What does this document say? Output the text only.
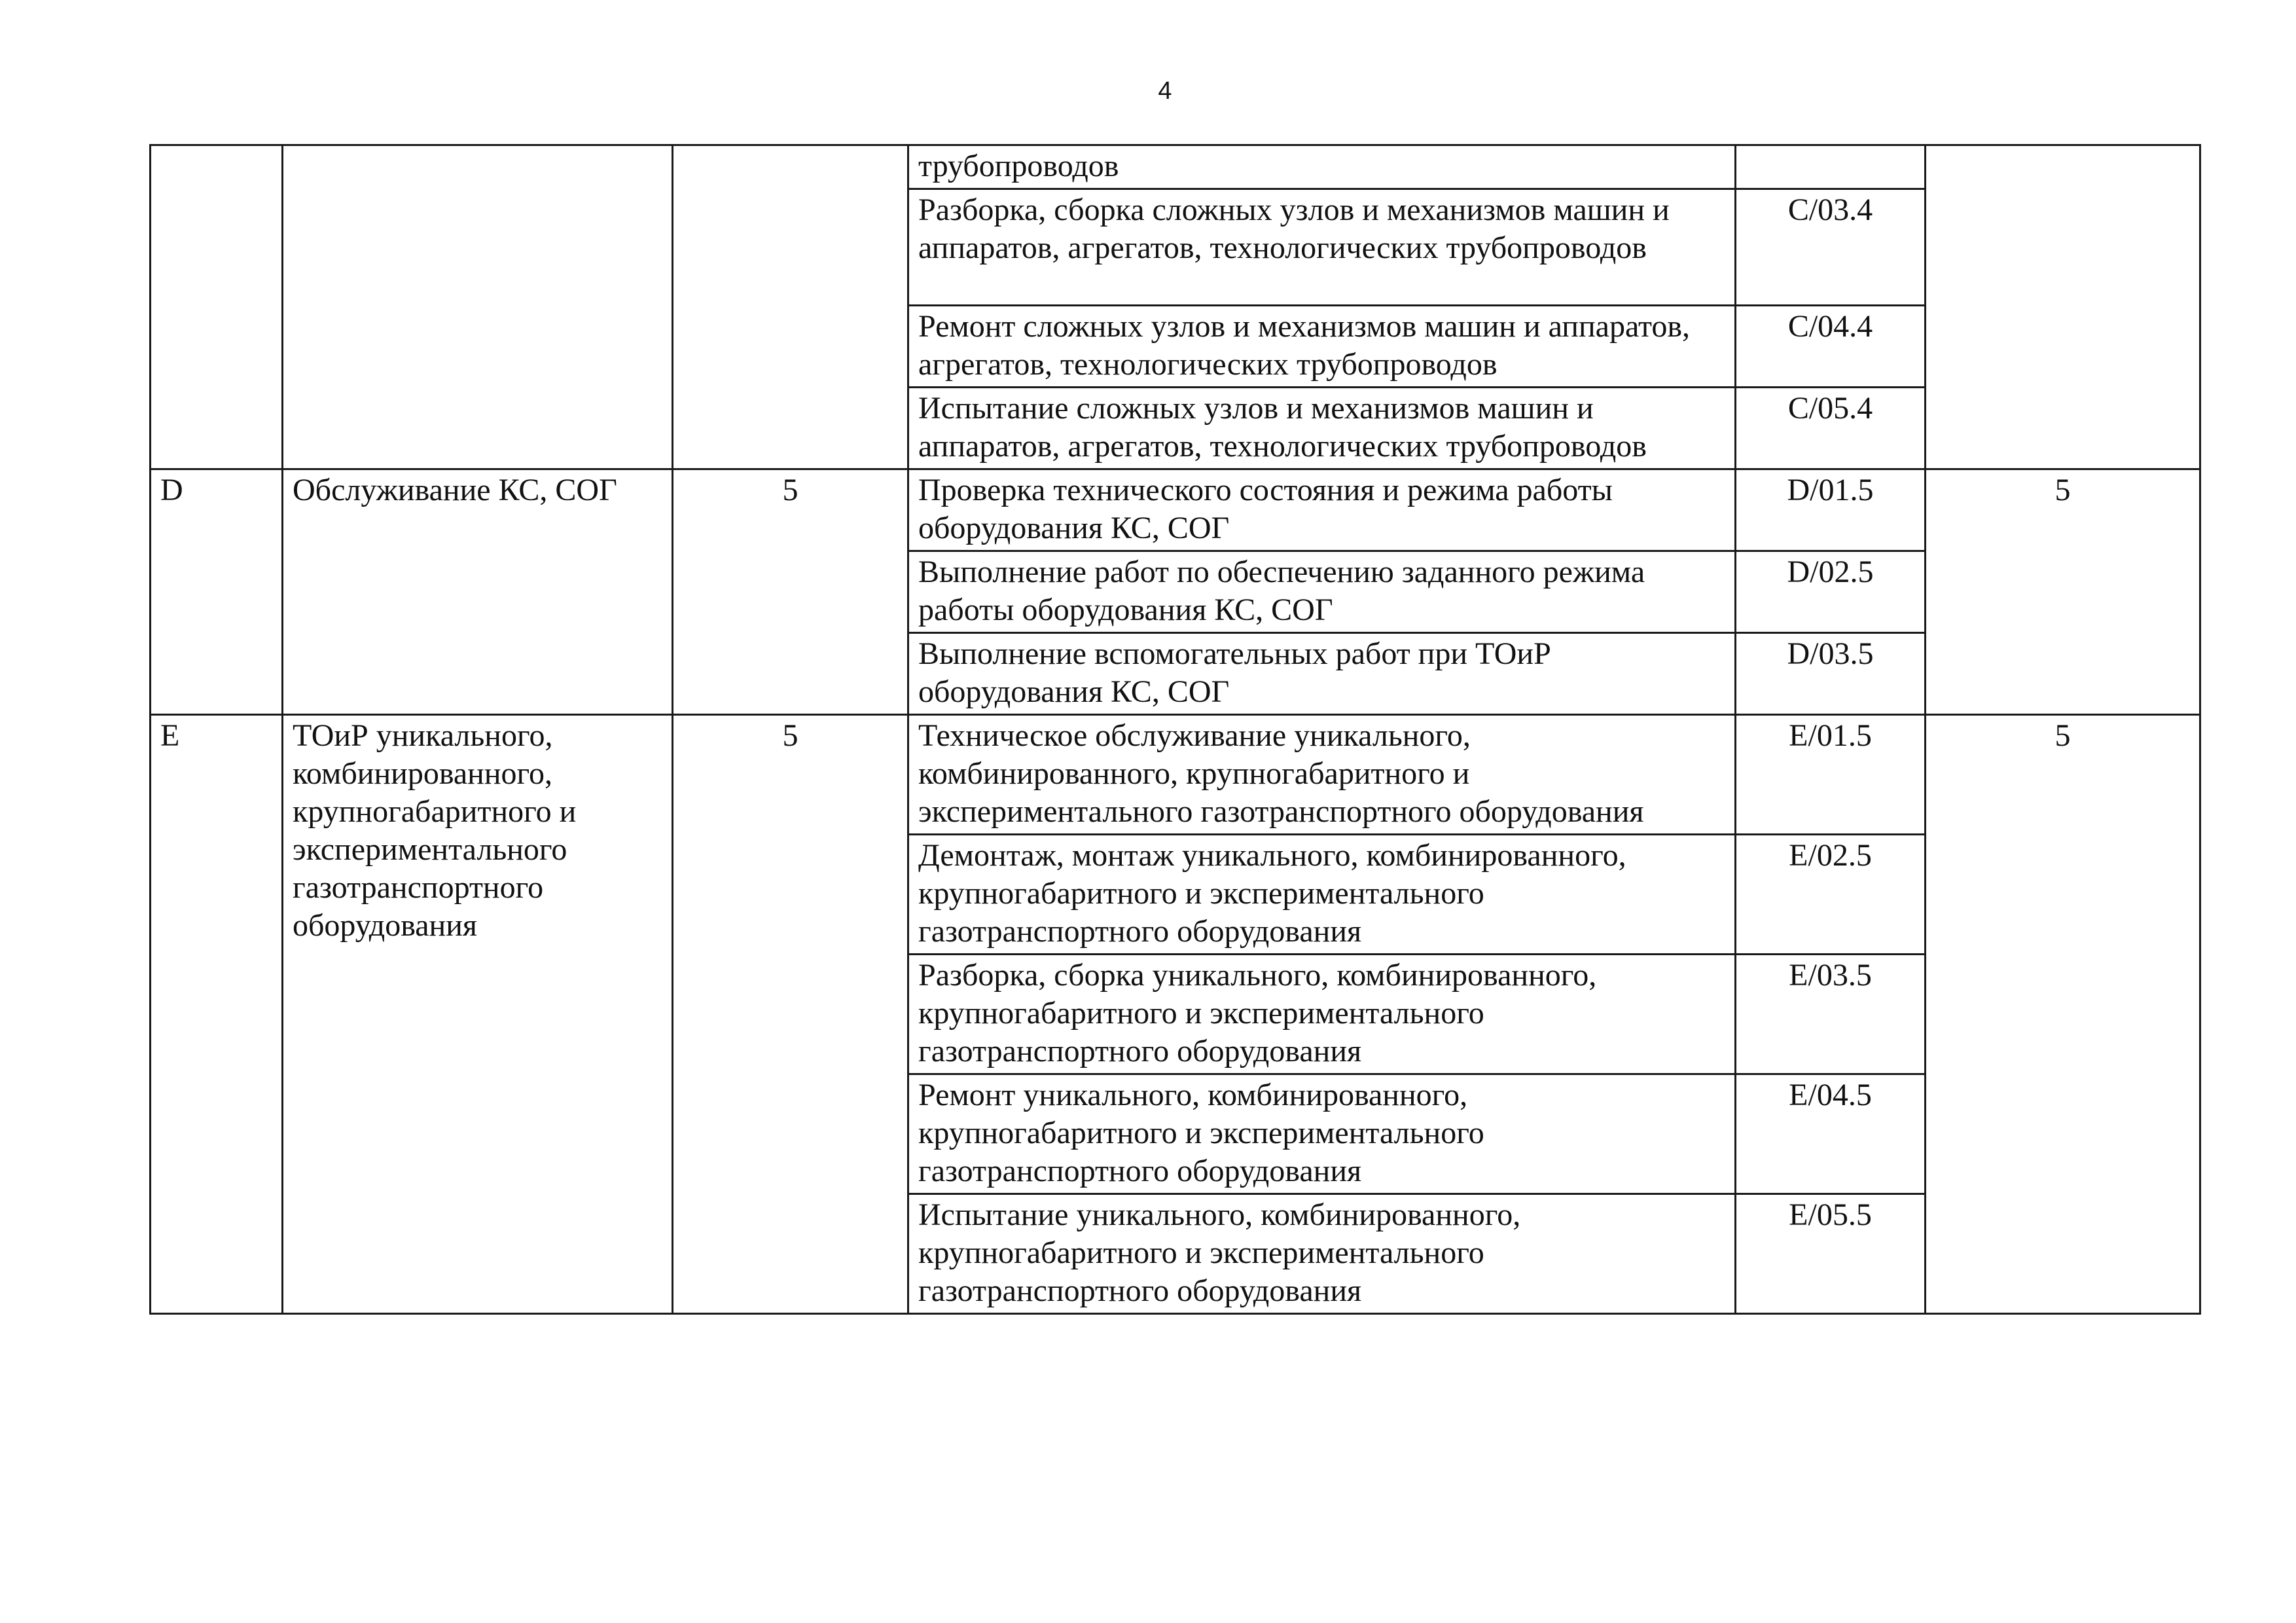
4
			трубопроводов		
			Разборка, сборка сложных узлов и механизмов машин и аппаратов, агрегатов, технологических трубопроводов	C/03.4	
			Ремонт сложных узлов и механизмов машин и аппаратов, агрегатов, технологических трубопроводов	C/04.4	
			Испытание сложных узлов и механизмов машин и аппаратов, агрегатов, технологических трубопроводов	C/05.4	
D	Обслуживание КС, СОГ	5	Проверка технического состояния и режима работы оборудования КС, СОГ	D/01.5	5
			Выполнение работ по обеспечению заданного режима работы оборудования КС, СОГ	D/02.5	
			Выполнение вспомогательных работ при ТОиР оборудования КС, СОГ	D/03.5	
E	ТОиР уникального, комбинированного, крупногабаритного и экспериментального газотранспортного оборудования	5	Техническое обслуживание уникального, комбинированного, крупногабаритного и экспериментального газотранспортного оборудования	E/01.5	5
			Демонтаж, монтаж уникального, комбинированного, крупногабаритного и экспериментального газотранспортного оборудования	E/02.5	
			Разборка, сборка уникального, комбинированного, крупногабаритного и экспериментального газотранспортного оборудования	E/03.5	
			Ремонт уникального, комбинированного, крупногабаритного и экспериментального газотранспортного оборудования	E/04.5	
			Испытание уникального, комбинированного, крупногабаритного и экспериментального газотранспортного оборудования	E/05.5	
